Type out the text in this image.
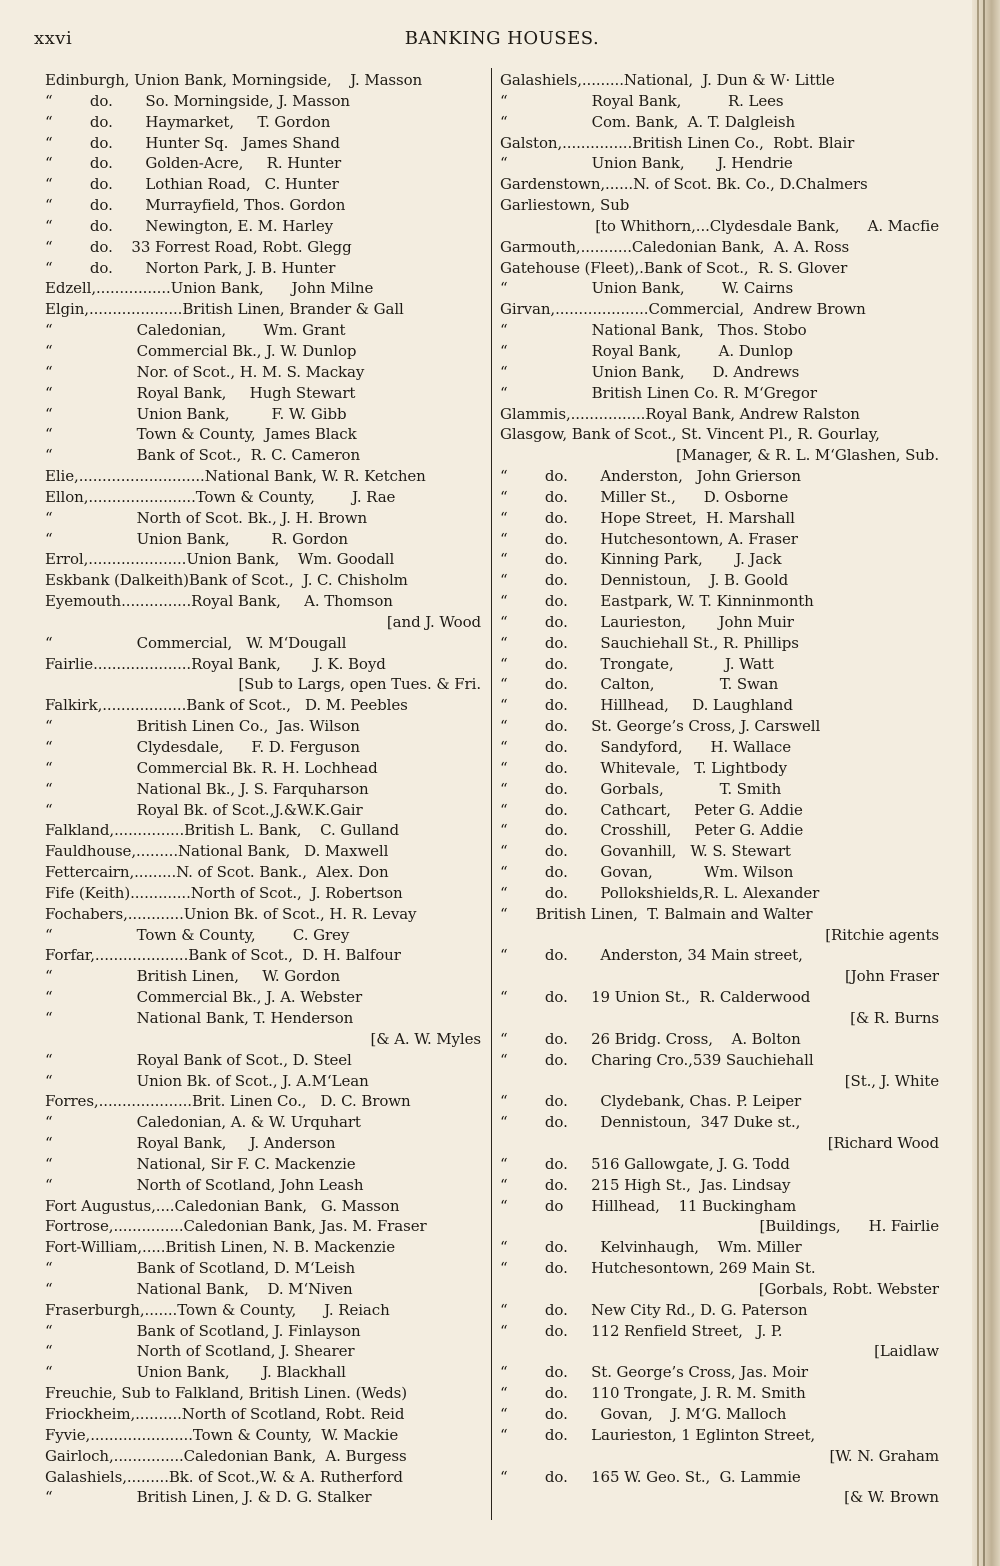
xxvi	BANKING HOUSES.
Edinburgh, Union Bank, Morningside,    J. Masson
“        do.       So. Morningside, J. Masson
“        do.       Haymarket,     T. Gordon
“        do.       Hunter Sq.   James Shand
“        do.       Golden-Acre,     R. Hunter
“        do.       Lothian Road,   C. Hunter
“        do.       Murrayfield, Thos. Gordon
“        do.       Newington, E. M. Harley
“        do.    33 Forrest Road, Robt. Glegg
“        do.       Norton Park, J. B. Hunter
Edzell,................Union Bank,      John Milne
Elgin,....................British Linen, Brander & Gall
“                  Caledonian,        Wm. Grant
“                  Commercial Bk., J. W. Dunlop
“                  Nor. of Scot., H. M. S. Mackay
“                  Royal Bank,     Hugh Stewart
“                  Union Bank,         F. W. Gibb
“                  Town & County,  James Black
“                  Bank of Scot.,  R. C. Cameron
Elie,...........................National Bank, W. R. Ketchen
Ellon,.......................Town & County,        J. Rae
“                  North of Scot. Bk., J. H. Brown
“                  Union Bank,         R. Gordon
Errol,.....................Union Bank,    Wm. Goodall
Eskbank (Dalkeith)Bank of Scot.,  J. C. Chisholm
Eyemouth...............Royal Bank,     A. Thomson
[and J. Wood
“                  Commercial,   W. M‘Dougall
Fairlie.....................Royal Bank,       J. K. Boyd
[Sub to Largs, open Tues. & Fri.
Falkirk,..................Bank of Scot.,   D. M. Peebles
“                  British Linen Co.,  Jas. Wilson
“                  Clydesdale,      F. D. Ferguson
“                  Commercial Bk. R. H. Lochhead
“                  National Bk., J. S. Farquharson
“                  Royal Bk. of Scot.,J.&W.K.Gair
Falkland,...............British L. Bank,    C. Gulland
Fauldhouse,.........National Bank,   D. Maxwell
Fettercairn,.........N. of Scot. Bank.,  Alex. Don
Fife (Keith).............North of Scot.,  J. Robertson
Fochabers,............Union Bk. of Scot., H. R. Levay
“                  Town & County,        C. Grey
Forfar,....................Bank of Scot.,  D. H. Balfour
“                  British Linen,     W. Gordon
“                  Commercial Bk., J. A. Webster
“                  National Bank, T. Henderson
[& A. W. Myles
“                  Royal Bank of Scot., D. Steel
“                  Union Bk. of Scot., J. A.M‘Lean
Forres,....................Brit. Linen Co.,   D. C. Brown
“                  Caledonian, A. & W. Urquhart
“                  Royal Bank,     J. Anderson
“                  National, Sir F. C. Mackenzie
“                  North of Scotland, John Leash
Fort Augustus,....Caledonian Bank,   G. Masson
Fortrose,...............Caledonian Bank, Jas. M. Fraser
Fort-William,.....British Linen, N. B. Mackenzie
“                  Bank of Scotland, D. M‘Leish
“                  National Bank,    D. M‘Niven
Fraserburgh,.......Town & County,      J. Reiach
“                  Bank of Scotland, J. Finlayson
“                  North of Scotland, J. Shearer
“                  Union Bank,       J. Blackhall
Freuchie, Sub to Falkland, British Linen. (Weds)
Friockheim,..........North of Scotland, Robt. Reid
Fyvie,......................Town & County,  W. Mackie
Gairloch,...............Caledonian Bank,  A. Burgess
Galashiels,.........Bk. of Scot.,W. & A. Rutherford
“                  British Linen, J. & D. G. Stalker
Galashiels,.........National,  J. Dun & W· Little
“                  Royal Bank,          R. Lees
“                  Com. Bank,  A. T. Dalgleish
Galston,...............British Linen Co.,  Robt. Blair
“                  Union Bank,       J. Hendrie
Gardenstown,......N. of Scot. Bk. Co., D.Chalmers
Garliestown, Sub
[to Whithorn,...Clydesdale Bank,      A. Macfie
Garmouth,...........Caledonian Bank,  A. A. Ross
Gatehouse (Fleet),.Bank of Scot.,  R. S. Glover
“                  Union Bank,        W. Cairns
Girvan,....................Commercial,  Andrew Brown
“                  National Bank,   Thos. Stobo
“                  Royal Bank,        A. Dunlop
“                  Union Bank,      D. Andrews
“                  British Linen Co. R. M‘Gregor
Glammis,................Royal Bank, Andrew Ralston
Glasgow, Bank of Scot., St. Vincent Pl., R. Gourlay,
[Manager, & R. L. M‘Glashen, Sub.
“        do.       Anderston,   John Grierson
“        do.       Miller St.,      D. Osborne
“        do.       Hope Street,  H. Marshall
“        do.       Hutchesontown, A. Fraser
“        do.       Kinning Park,       J. Jack
“        do.       Dennistoun,    J. B. Goold
“        do.       Eastpark, W. T. Kinninmonth
“        do.       Laurieston,       John Muir
“        do.       Sauchiehall St., R. Phillips
“        do.       Trongate,           J. Watt
“        do.       Calton,              T. Swan
“        do.       Hillhead,     D. Laughland
“        do.     St. George’s Cross, J. Carswell
“        do.       Sandyford,      H. Wallace
“        do.       Whitevale,   T. Lightbody
“        do.       Gorbals,            T. Smith
“        do.       Cathcart,     Peter G. Addie
“        do.       Crosshill,     Peter G. Addie
“        do.       Govanhill,   W. S. Stewart
“        do.       Govan,           Wm. Wilson
“        do.       Pollokshields,R. L. Alexander
“      British Linen,  T. Balmain and Walter
[Ritchie agents
“        do.       Anderston, 34 Main street,
[John Fraser
“        do.     19 Union St.,  R. Calderwood
[& R. Burns
“        do.     26 Bridg. Cross,    A. Bolton
“        do.     Charing Cro.,539 Sauchiehall
[St., J. White
“        do.       Clydebank, Chas. P. Leiper
“        do.       Dennistoun,  347 Duke st.,
[Richard Wood
“        do.     516 Gallowgate, J. G. Todd
“        do.     215 High St.,  Jas. Lindsay
“        do      Hillhead,    11 Buckingham
[Buildings,      H. Fairlie
“        do.       Kelvinhaugh,    Wm. Miller
“        do.     Hutchesontown, 269 Main St.
[Gorbals, Robt. Webster
“        do.     New City Rd., D. G. Paterson
“        do.     112 Renfield Street,   J. P.
[Laidlaw
“        do.     St. George’s Cross, Jas. Moir
“        do.     110 Trongate, J. R. M. Smith
“        do.       Govan,    J. M‘G. Malloch
“        do.     Laurieston, 1 Eglinton Street,
[W. N. Graham
“        do.     165 W. Geo. St.,  G. Lammie
[& W. Brown
